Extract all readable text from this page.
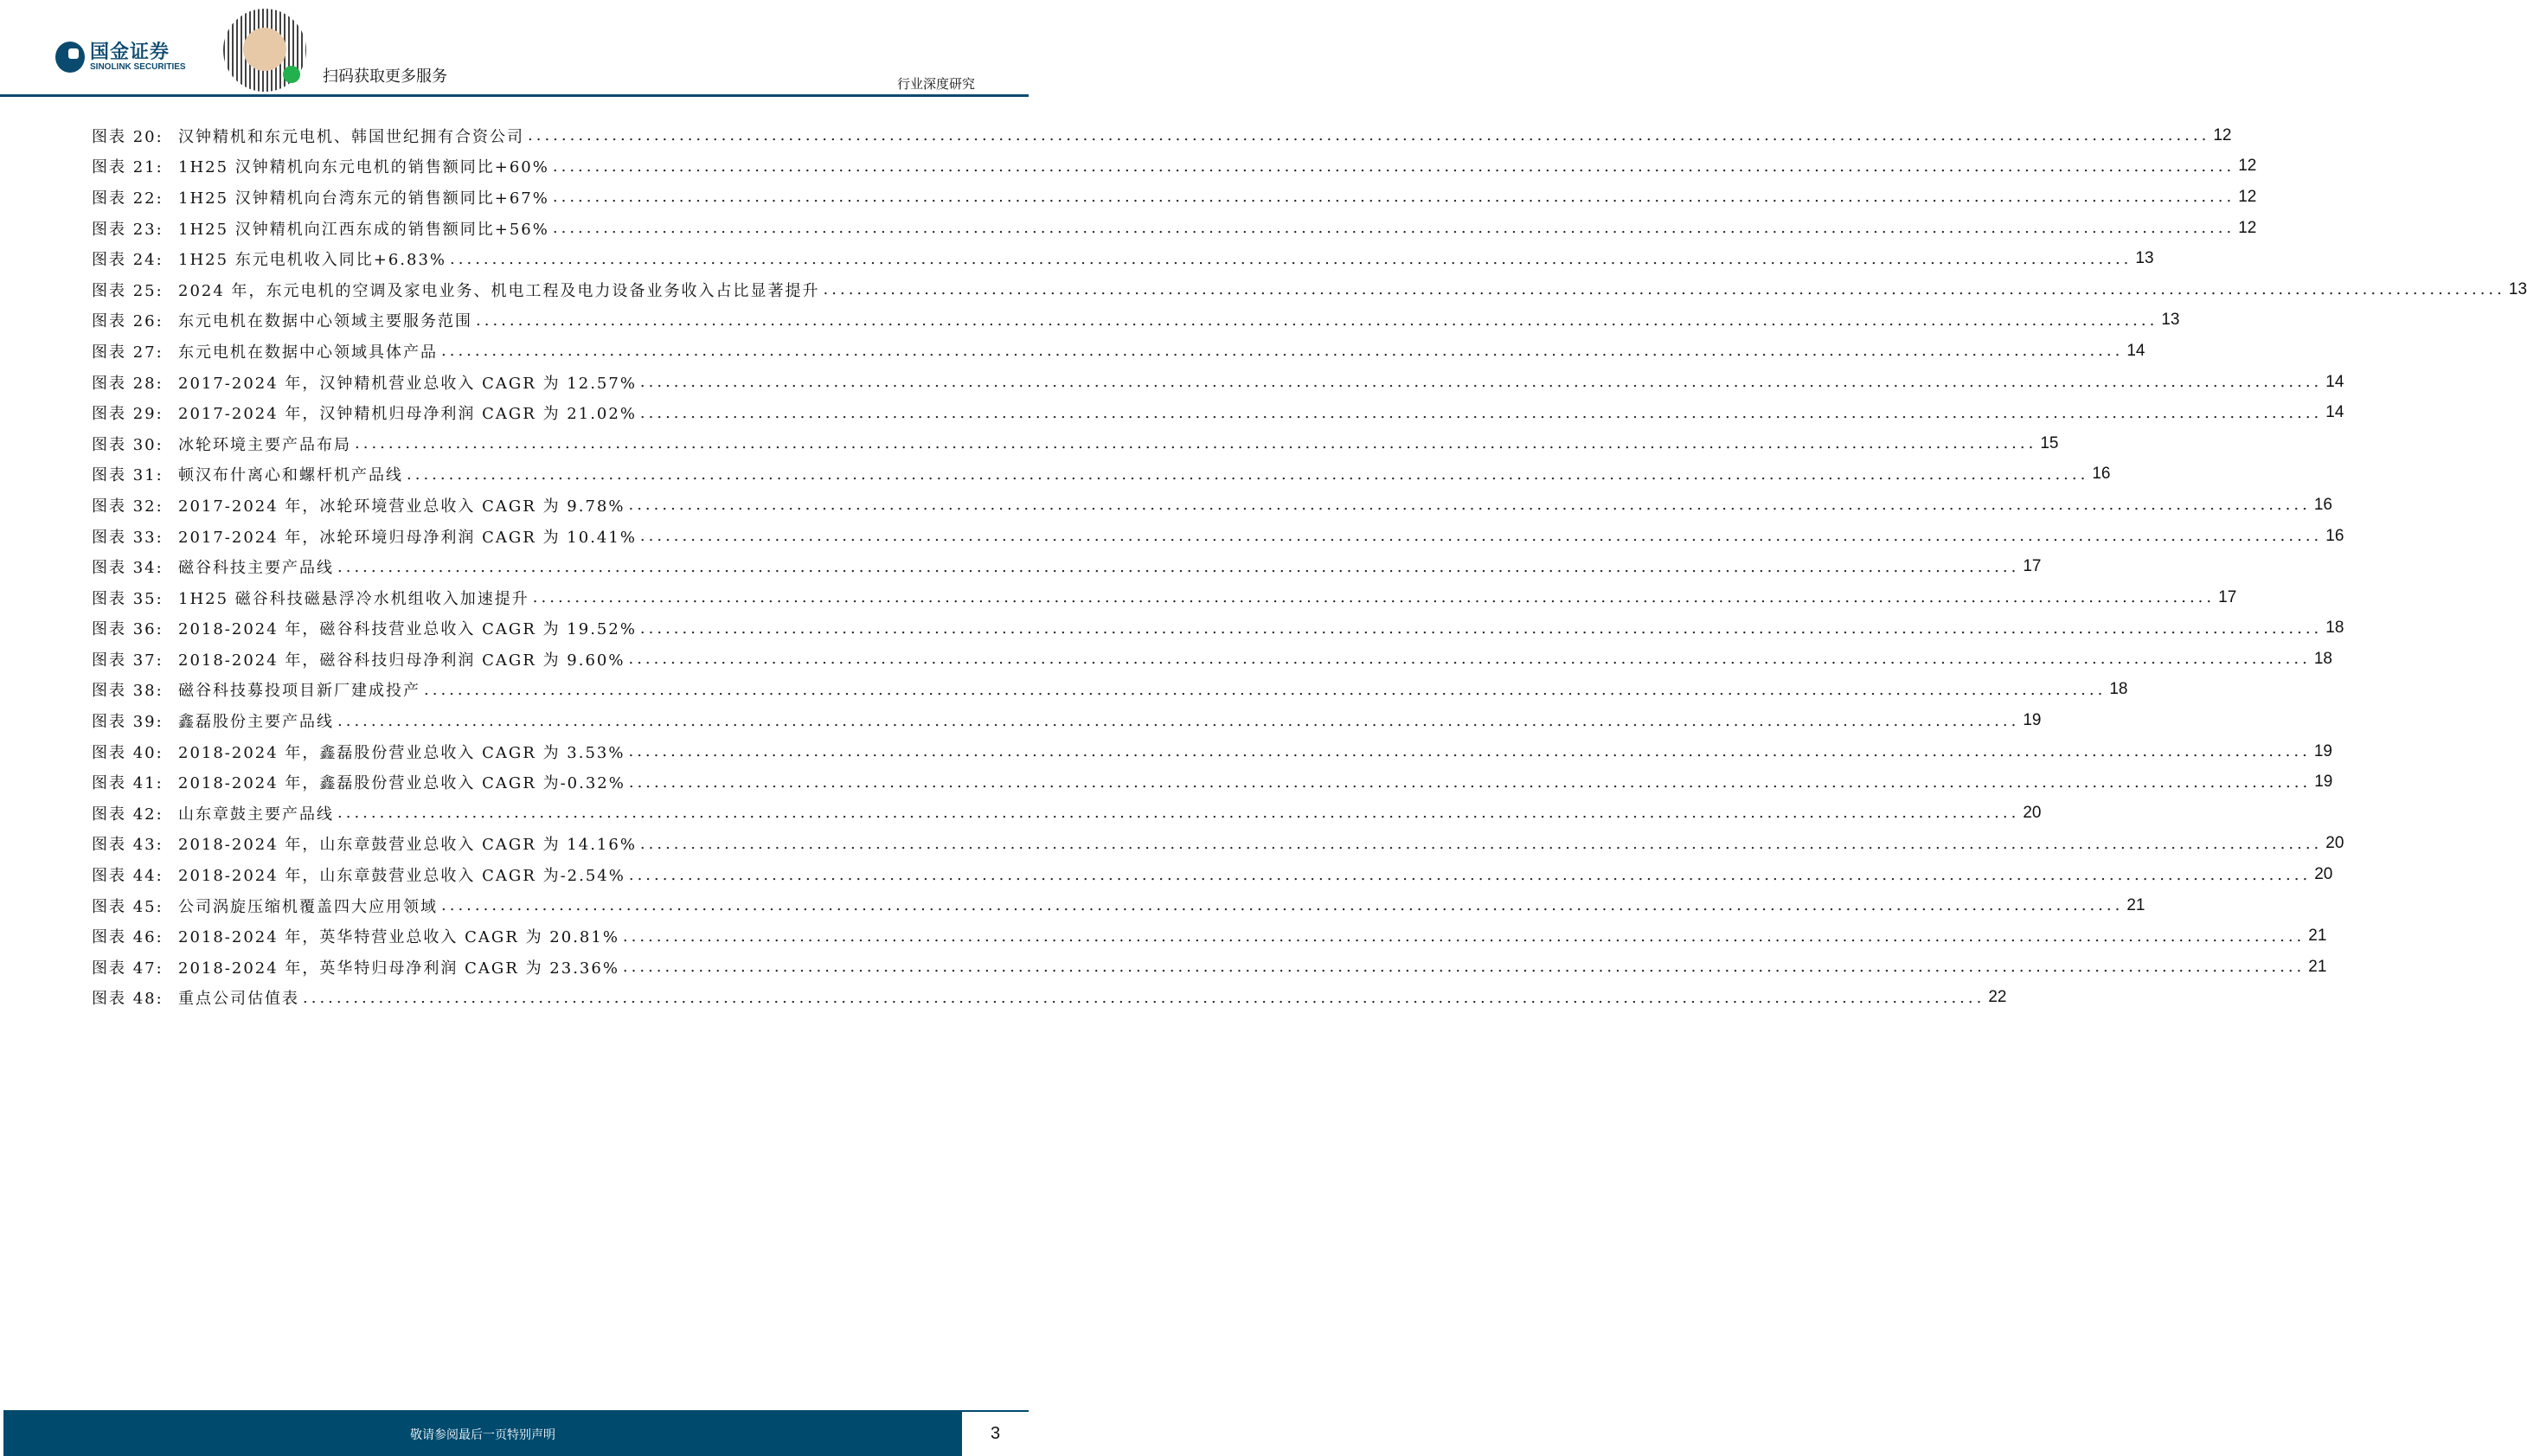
国金证券
SINOLINK SECURITIES
扫码获取更多服务	行业深度研究
图表 20: 汉钟精机和东元电机、韩国世纪拥有合资公司 ........................................................................................................................................................................................................ 12
图表 21: 1H25 汉钟精机向东元电机的销售额同比+60% ........................................................................................................................................................................................................ 12
图表 22: 1H25 汉钟精机向台湾东元的销售额同比+67% ........................................................................................................................................................................................................ 12
图表 23: 1H25 汉钟精机向江西东成的销售额同比+56% ........................................................................................................................................................................................................ 12
图表 24: 1H25 东元电机收入同比+6.83% ........................................................................................................................................................................................................ 13
图表 25: 2024 年，东元电机的空调及家电业务、机电工程及电力设备业务收入占比显著提升 ........................................................................................................................................................................................................ 13
图表 26: 东元电机在数据中心领域主要服务范围 ........................................................................................................................................................................................................ 13
图表 27: 东元电机在数据中心领域具体产品 ........................................................................................................................................................................................................ 14
图表 28: 2017-2024 年，汉钟精机营业总收入 CAGR 为 12.57% ........................................................................................................................................................................................................ 14
图表 29: 2017-2024 年，汉钟精机归母净利润 CAGR 为 21.02% ........................................................................................................................................................................................................ 14
图表 30: 冰轮环境主要产品布局 ........................................................................................................................................................................................................ 15
图表 31: 顿汉布什离心和螺杆机产品线 ........................................................................................................................................................................................................ 16
图表 32: 2017-2024 年，冰轮环境营业总收入 CAGR 为 9.78% ........................................................................................................................................................................................................ 16
图表 33: 2017-2024 年，冰轮环境归母净利润 CAGR 为 10.41% ........................................................................................................................................................................................................ 16
图表 34: 磁谷科技主要产品线 ........................................................................................................................................................................................................ 17
图表 35: 1H25 磁谷科技磁悬浮冷水机组收入加速提升 ........................................................................................................................................................................................................ 17
图表 36: 2018-2024 年，磁谷科技营业总收入 CAGR 为 19.52% ........................................................................................................................................................................................................ 18
图表 37: 2018-2024 年，磁谷科技归母净利润 CAGR 为 9.60% ........................................................................................................................................................................................................ 18
图表 38: 磁谷科技募投项目新厂建成投产 ........................................................................................................................................................................................................ 18
图表 39: 鑫磊股份主要产品线 ........................................................................................................................................................................................................ 19
图表 40: 2018-2024 年，鑫磊股份营业总收入 CAGR 为 3.53% ........................................................................................................................................................................................................ 19
图表 41: 2018-2024 年，鑫磊股份营业总收入 CAGR 为-0.32% ........................................................................................................................................................................................................ 19
图表 42: 山东章鼓主要产品线 ........................................................................................................................................................................................................ 20
图表 43: 2018-2024 年，山东章鼓营业总收入 CAGR 为 14.16% ........................................................................................................................................................................................................ 20
图表 44: 2018-2024 年，山东章鼓营业总收入 CAGR 为-2.54% ........................................................................................................................................................................................................ 20
图表 45: 公司涡旋压缩机覆盖四大应用领域 ........................................................................................................................................................................................................ 21
图表 46: 2018-2024 年，英华特营业总收入 CAGR 为 20.81% ........................................................................................................................................................................................................ 21
图表 47: 2018-2024 年，英华特归母净利润 CAGR 为 23.36% ........................................................................................................................................................................................................ 21
图表 48: 重点公司估值表 ........................................................................................................................................................................................................ 22
敬请参阅最后一页特别声明	3
